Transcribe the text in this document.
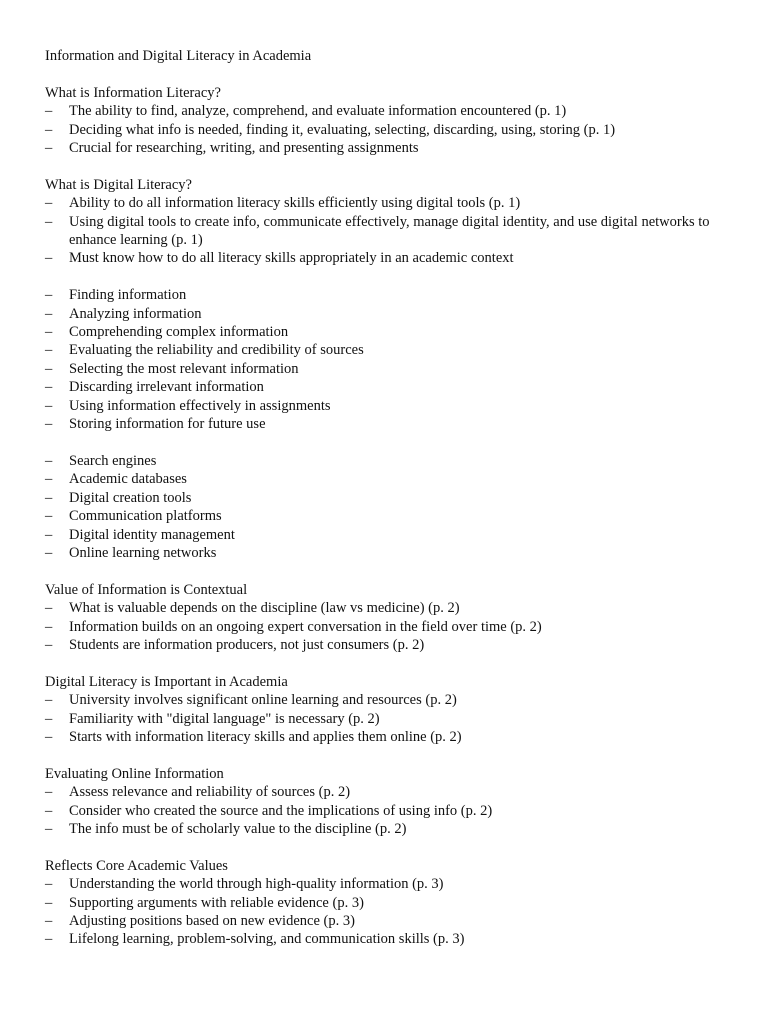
Information and Digital Literacy in Academia
What is Information Literacy?
– The ability to find, analyze, comprehend, and evaluate information encountered (p. 1)
– Deciding what info is needed, finding it, evaluating, selecting, discarding, using, storing (p. 1)
– Crucial for researching, writing, and presenting assignments
What is Digital Literacy?
– Ability to do all information literacy skills efficiently using digital tools (p. 1)
– Using digital tools to create info, communicate effectively, manage digital identity, and use digital networks to enhance learning (p. 1)
– Must know how to do all literacy skills appropriately in an academic context
– Finding information
– Analyzing information
– Comprehending complex information
– Evaluating the reliability and credibility of sources
– Selecting the most relevant information
– Discarding irrelevant information
– Using information effectively in assignments
– Storing information for future use
– Search engines
– Academic databases
– Digital creation tools
– Communication platforms
– Digital identity management
– Online learning networks
Value of Information is Contextual
– What is valuable depends on the discipline (law vs medicine) (p. 2)
– Information builds on an ongoing expert conversation in the field over time (p. 2)
– Students are information producers, not just consumers (p. 2)
Digital Literacy is Important in Academia
– University involves significant online learning and resources (p. 2)
– Familiarity with "digital language" is necessary (p. 2)
– Starts with information literacy skills and applies them online (p. 2)
Evaluating Online Information
– Assess relevance and reliability of sources (p. 2)
– Consider who created the source and the implications of using info (p. 2)
– The info must be of scholarly value to the discipline (p. 2)
Reflects Core Academic Values
– Understanding the world through high-quality information (p. 3)
– Supporting arguments with reliable evidence (p. 3)
– Adjusting positions based on new evidence (p. 3)
– Lifelong learning, problem-solving, and communication skills (p. 3)
